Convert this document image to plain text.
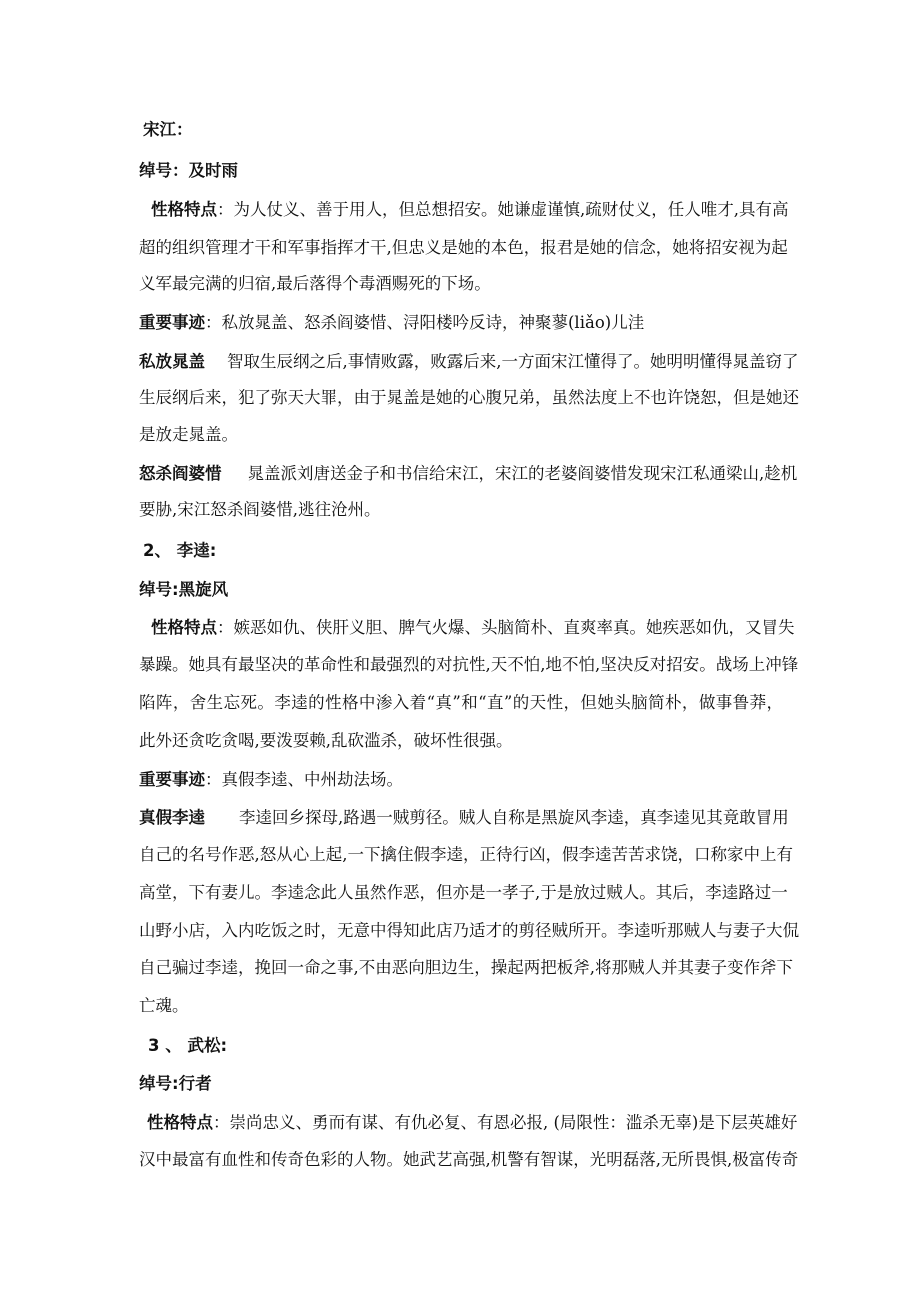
宋江：
绰号：及时雨
性格特点：为人仗义、善于用人，但总想招安。她谦虚谨慎,疏财仗义，任人唯才,具有高
超的组织管理才干和军事指挥才干,但忠义是她的本色，报君是她的信念，她将招安视为起
义军最完满的归宿,最后落得个毒酒赐死的下场。
重要事迹：私放晁盖、怒杀阎婆惜、浔阳楼吟反诗，神聚蓼(liǎo)儿洼
私放晁盖 智取生辰纲之后,事情败露，败露后来,一方面宋江懂得了。她明明懂得晁盖窃了
生辰纲后来，犯了弥天大罪，由于晁盖是她的心腹兄弟，虽然法度上不也许饶恕，但是她还
是放走晁盖。
怒杀阎婆惜 晁盖派刘唐送金子和书信给宋江，宋江的老婆阎婆惜发现宋江私通梁山,趁机
要胁,宋江怒杀阎婆惜,逃往沧州。
2、 李逵:
绰号:黑旋风
性格特点：嫉恶如仇、侠肝义胆、脾气火爆、头脑简朴、直爽率真。她疾恶如仇，又冒失
暴躁。她具有最坚决的革命性和最强烈的对抗性,天不怕,地不怕,坚决反对招安。战场上冲锋
陷阵，舍生忘死。李逵的性格中渗入着“真”和“直”的天性，但她头脑简朴，做事鲁莽，
此外还贪吃贪喝,要泼耍赖,乱砍滥杀，破坏性很强。
重要事迹：真假李逵、中州劫法场。
真假李逵 李逵回乡探母,路遇一贼剪径。贼人自称是黑旋风李逵，真李逵见其竟敢冒用
自己的名号作恶,怒从心上起,一下擒住假李逵，正待行凶，假李逵苦苦求饶，口称家中上有
高堂，下有妻儿。李逵念此人虽然作恶，但亦是一孝子,于是放过贼人。其后，李逵路过一
山野小店，入内吃饭之时，无意中得知此店乃适才的剪径贼所开。李逵听那贼人与妻子大侃
自己骗过李逵，挽回一命之事,不由恶向胆边生，操起两把板斧,将那贼人并其妻子变作斧下
亡魂。
3 、 武松:
绰号:行者
性格特点：崇尚忠义、勇而有谋、有仇必复、有恩必报, (局限性：滥杀无辜)是下层英雄好
汉中最富有血性和传奇色彩的人物。她武艺高强,机警有智谋，光明磊落,无所畏惧,极富传奇
